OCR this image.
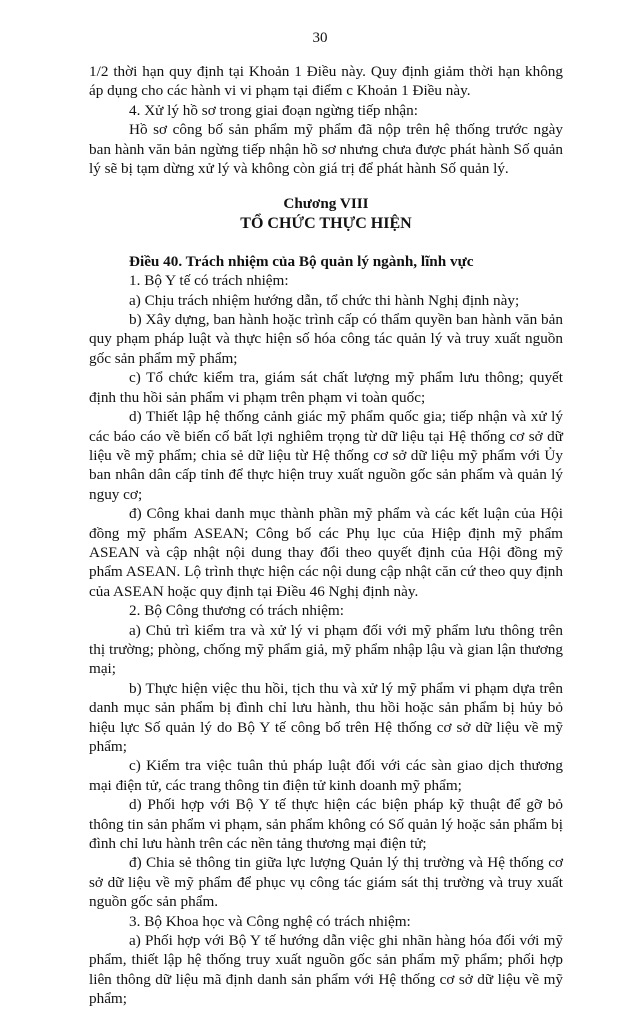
30

1/2 thời hạn quy định tại Khoản 1 Điều này. Quy định giảm thời hạn không áp dụng cho các hành vi vi phạm tại điểm c Khoản 1 Điều này.

4. Xử lý hồ sơ trong giai đoạn ngừng tiếp nhận:

Hồ sơ công bố sản phẩm mỹ phẩm đã nộp trên hệ thống trước ngày ban hành văn bản ngừng tiếp nhận hồ sơ nhưng chưa được phát hành Số quản lý sẽ bị tạm dừng xử lý và không còn giá trị để phát hành Số quản lý.

Chương VIII
TỔ CHỨC THỰC HIỆN

Điều 40. Trách nhiệm của Bộ quản lý ngành, lĩnh vực

1. Bộ Y tế có trách nhiệm:

a) Chịu trách nhiệm hướng dẫn, tổ chức thi hành Nghị định này;

b) Xây dựng, ban hành hoặc trình cấp có thẩm quyền ban hành văn bản quy phạm pháp luật và thực hiện số hóa công tác quản lý và truy xuất nguồn gốc sản phẩm mỹ phẩm;

c) Tổ chức kiểm tra, giám sát chất lượng mỹ phẩm lưu thông; quyết định thu hồi sản phẩm vi phạm trên phạm vi toàn quốc;

d) Thiết lập hệ thống cảnh giác mỹ phẩm quốc gia; tiếp nhận và xử lý các báo cáo về biến cố bất lợi nghiêm trọng từ dữ liệu tại Hệ thống cơ sở dữ liệu về mỹ phẩm; chia sẻ dữ liệu từ Hệ thống cơ sở dữ liệu mỹ phẩm với Ủy ban nhân dân cấp tỉnh để thực hiện truy xuất nguồn gốc sản phẩm và quản lý nguy cơ;

đ) Công khai danh mục thành phần mỹ phẩm và các kết luận của Hội đồng mỹ phẩm ASEAN; Công bố các Phụ lục của Hiệp định mỹ phẩm ASEAN và cập nhật nội dung thay đổi theo quyết định của Hội đồng mỹ phẩm ASEAN. Lộ trình thực hiện các nội dung cập nhật căn cứ theo quy định của ASEAN hoặc quy định tại Điều 46 Nghị định này.

2. Bộ Công thương có trách nhiệm:

a) Chủ trì kiểm tra và xử lý vi phạm đối với mỹ phẩm lưu thông trên thị trường; phòng, chống mỹ phẩm giả, mỹ phẩm nhập lậu và gian lận thương mại;

b) Thực hiện việc thu hồi, tịch thu và xử lý mỹ phẩm vi phạm dựa trên danh mục sản phẩm bị đình chỉ lưu hành, thu hồi hoặc sản phẩm bị hủy bỏ hiệu lực Số quản lý do Bộ Y tế công bố trên Hệ thống cơ sở dữ liệu về mỹ phẩm;

c) Kiểm tra việc tuân thủ pháp luật đối với các sàn giao dịch thương mại điện tử, các trang thông tin điện tử kinh doanh mỹ phẩm;

d) Phối hợp với Bộ Y tế thực hiện các biện pháp kỹ thuật để gỡ bỏ thông tin sản phẩm vi phạm, sản phẩm không có Số quản lý hoặc sản phẩm bị đình chỉ lưu hành trên các nền tảng thương mại điện tử;

đ) Chia sẻ thông tin giữa lực lượng Quản lý thị trường và Hệ thống cơ sở dữ liệu về mỹ phẩm để phục vụ công tác giám sát thị trường và truy xuất nguồn gốc sản phẩm.

3. Bộ Khoa học và Công nghệ có trách nhiệm:

a) Phối hợp với Bộ Y tế hướng dẫn việc ghi nhãn hàng hóa đối với mỹ phẩm, thiết lập hệ thống truy xuất nguồn gốc sản phẩm mỹ phẩm; phối hợp liên thông dữ liệu mã định danh sản phẩm với Hệ thống cơ sở dữ liệu về mỹ phẩm;
